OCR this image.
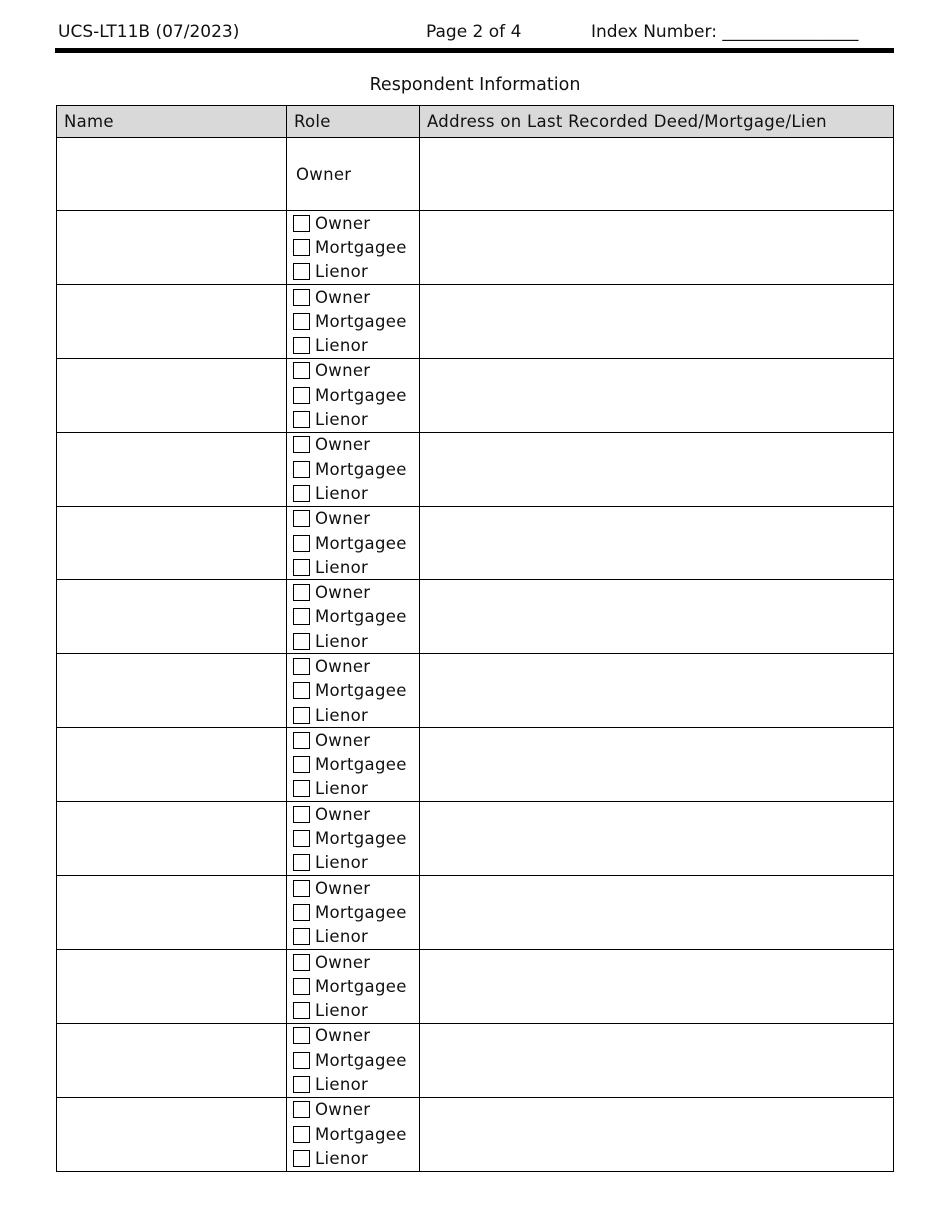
UCS-LT11B (07/2023)	Page 2 of 4	Index Number: ________________
Respondent Information
Name	Role	Address on Last Recorded Deed/Mortgage/Lien
	Owner	

	Owner
Mortgagee
Lienor	

	Owner
Mortgagee
Lienor	

	Owner
Mortgagee
Lienor	

	Owner
Mortgagee
Lienor	

	Owner
Mortgagee
Lienor	

	Owner
Mortgagee
Lienor	

	Owner
Mortgagee
Lienor	

	Owner
Mortgagee
Lienor	

	Owner
Mortgagee
Lienor	

	Owner
Mortgagee
Lienor	

	Owner
Mortgagee
Lienor	

	Owner
Mortgagee
Lienor	

	Owner
Mortgagee
Lienor	
